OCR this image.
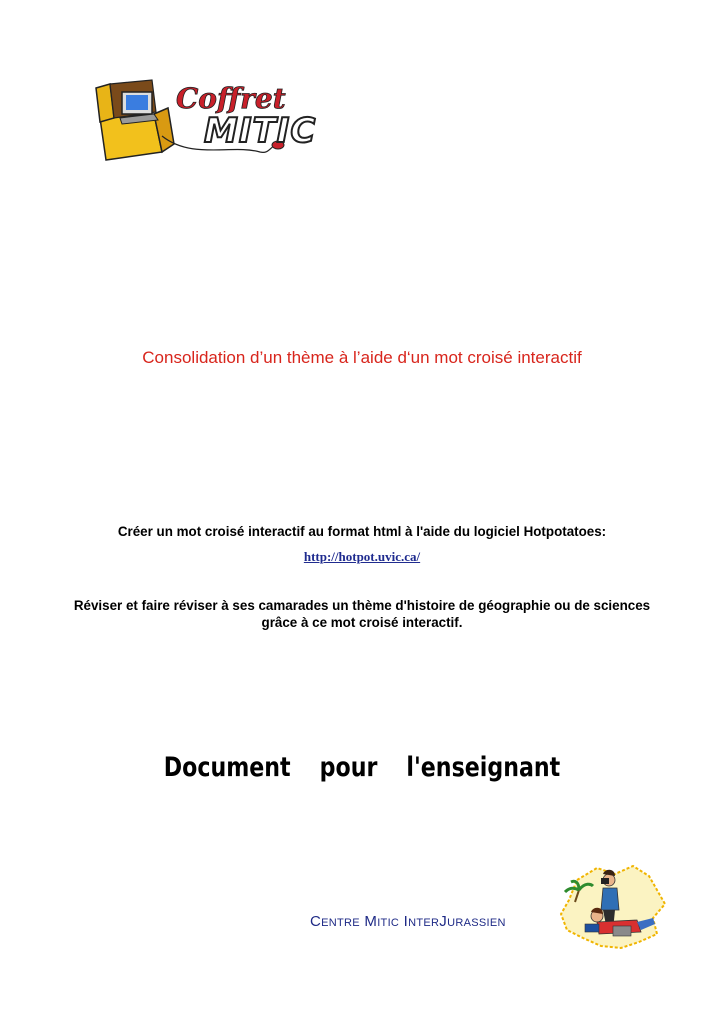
Coffret
MITIC
Consolidation d’un thème à l’aide d‘un mot croisé interactif
Créer un mot croisé interactif au format html à l'aide du logiciel Hotpotatoes:
http://hotpot.uvic.ca/
Réviser et faire réviser à ses camarades un thème d'histoire de géographie ou de sciences grâce à ce mot croisé interactif.
Document pour l'enseignant
CENTRE MITIC INTERJURASSIEN
